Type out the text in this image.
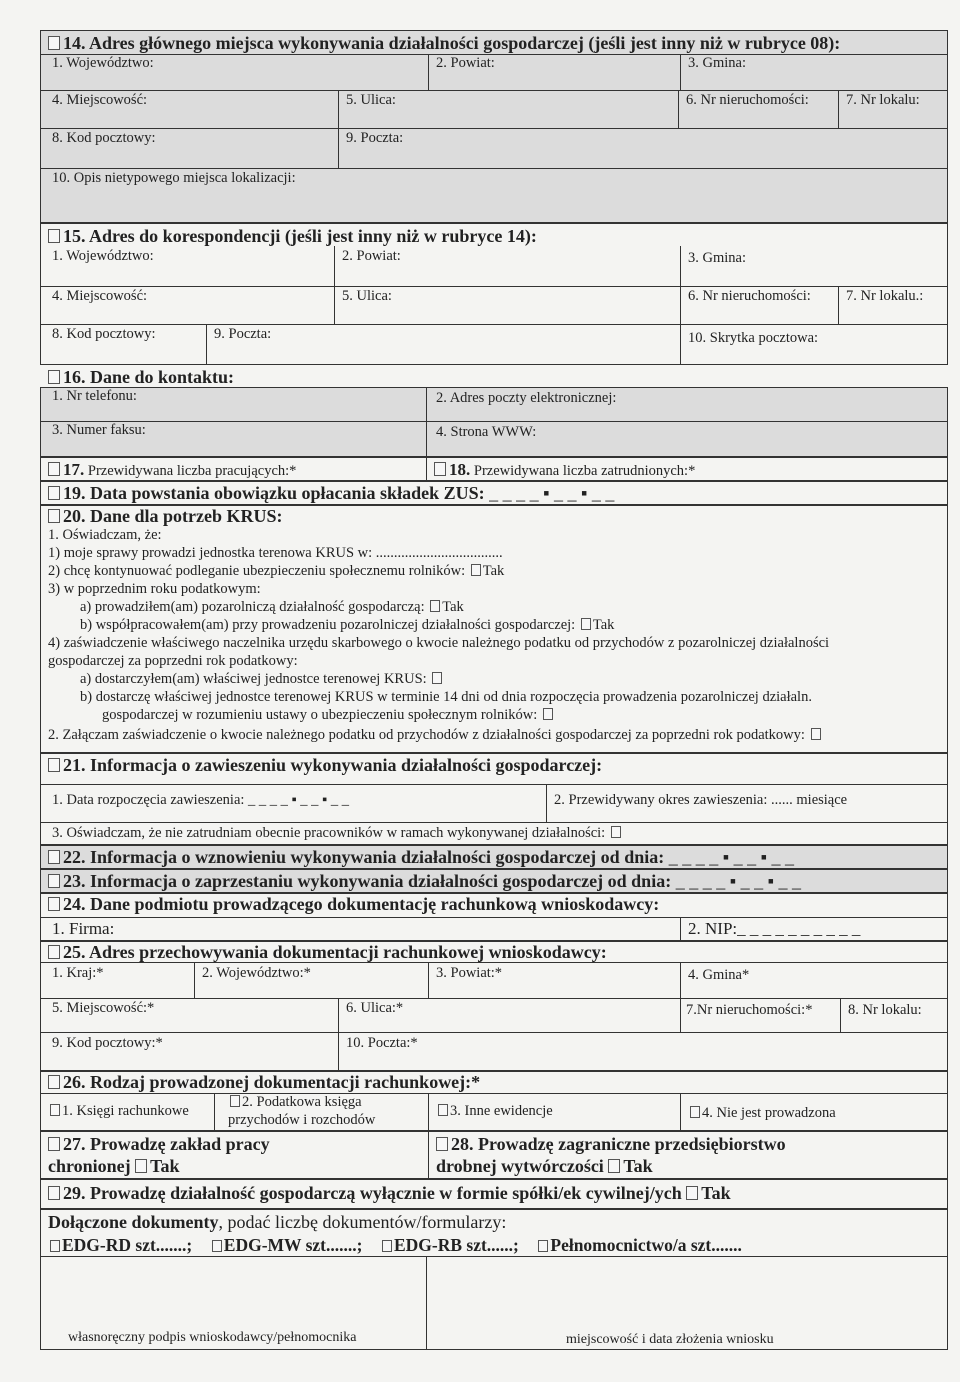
14. Adres głównego miejsca wykonywania działalności gospodarczej (jeśli jest inny niż w rubryce 08):
1. Województwo:	2. Powiat:	3. Gmina:
4. Miejscowość:	5. Ulica:	6. Nr nieruchomości:	7. Nr lokalu:
8. Kod pocztowy:	9. Poczta:
10. Opis nietypowego miejsca lokalizacji:
15. Adres do korespondencji (jeśli jest inny niż w rubryce 14):
1. Województwo:	2. Powiat:	3. Gmina:
4. Miejscowość:	5. Ulica:	6. Nr nieruchomości: 7. Nr lokalu.:
8. Kod pocztowy:	9. Poczta:	10. Skrytka pocztowa:
16. Dane do kontaktu:
1. Nr telefonu:	2. Adres poczty elektronicznej:
3. Numer faksu:	4. Strona WWW:
17. Przewidywana liczba pracujących:*	18. Przewidywana liczba zatrudnionych:*
19. Data powstania obowiązku opłacania składek ZUS: _ _ _ _ ▪ _ _ ▪ _ _
20. Dane dla potrzeb KRUS:
1. Oświadczam, że:
1) moje sprawy prowadzi jednostka terenowa KRUS w: ...................................
2) chcę kontynuować podleganie ubezpieczeniu społecznemu rolników: Tak
3) w poprzednim roku podatkowym:
a) prowadziłem(am) pozarolniczą działalność gospodarczą: Tak
b) współpracowałem(am) przy prowadzeniu pozarolniczej działalności gospodarczej: Tak
4) zaświadczenie właściwego naczelnika urzędu skarbowego o kwocie należnego podatku od przychodów z pozarolniczej działalności
gospodarczej za poprzedni rok podatkowy:
a) dostarczyłem(am) właściwej jednostce terenowej KRUS:
b) dostarczę właściwej jednostce terenowej KRUS w terminie 14 dni od dnia rozpoczęcia prowadzenia pozarolniczej działaln.
gospodarczej w rozumieniu ustawy o ubezpieczeniu społecznym rolników:
2. Załączam zaświadczenie o kwocie należnego podatku od przychodów z działalności gospodarczej za poprzedni rok podatkowy:
21. Informacja o zawieszeniu wykonywania działalności gospodarczej:
1. Data rozpoczęcia zawieszenia: _ _ _ _ ▪ _ _ ▪ _ _	2. Przewidywany okres zawieszenia: ...... miesiące
3. Oświadczam, że nie zatrudniam obecnie pracowników w ramach wykonywanej działalności:
22. Informacja o wznowieniu wykonywania działalności gospodarczej od dnia: _ _ _ _ ▪ _ _ ▪ _ _
23. Informacja o zaprzestaniu wykonywania działalności gospodarczej od dnia: _ _ _ _ ▪ _ _ ▪ _ _
24. Dane podmiotu prowadzącego dokumentację rachunkową wnioskodawcy:
1. Firma:	2. NIP:_ _ _ _ _ _ _ _ _ _
25. Adres przechowywania dokumentacji rachunkowej wnioskodawcy:
1. Kraj:*	2. Województwo:*	3. Powiat:*	4. Gmina*
5. Miejscowość:*	6. Ulica:*	7.Nr nieruchomości:* 8. Nr lokalu:
9. Kod pocztowy:*	10. Poczta:*
26. Rodzaj prowadzonej dokumentacji rachunkowej:*
1. Księgi rachunkowe
2. Podatkowa księga
przychodów i rozchodów
3. Inne ewidencje	4. Nie jest prowadzona
27. Prowadzę zakład pracy
chronionej Tak
28. Prowadzę zagraniczne przedsiębiorstwo
drobnej wytwórczości Tak
29. Prowadzę działalność gospodarczą wyłącznie w formie spółki/ek cywilnej/ych Tak
Dołączone dokumenty, podać liczbę dokumentów/formularzy:
EDG-RD szt.......; EDG-MW szt.......; EDG-RB szt......; Pełnomocnictwo/a szt.......
własnoręczny podpis wnioskodawcy/pełnomocnika	miejscowość i data złożenia wniosku
